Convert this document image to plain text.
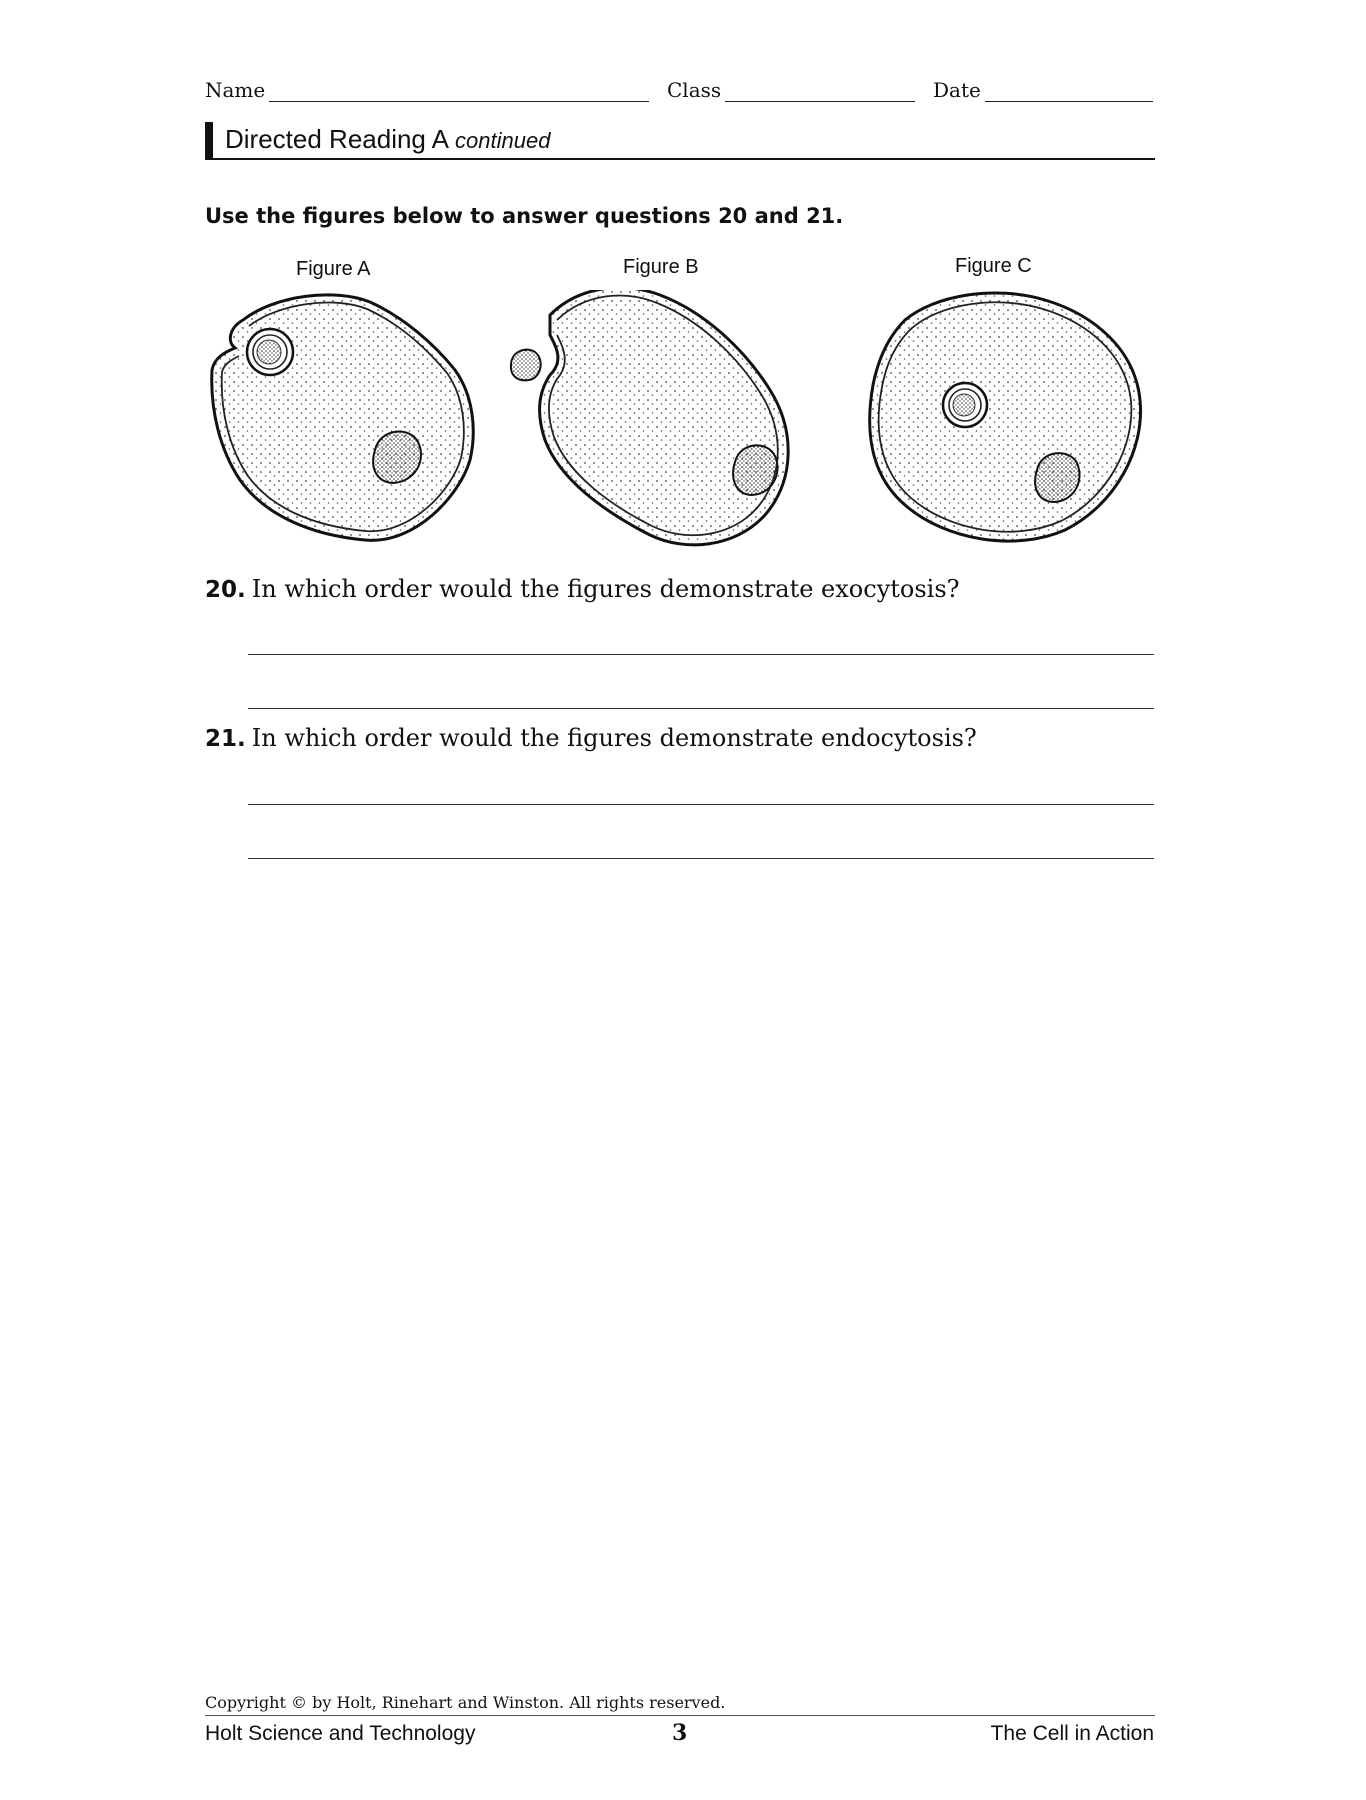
Name	Class	Date
Directed Reading A continued
Use the figures below to answer questions 20 and 21.
Figure A	Figure B	Figure C
20. In which order would the figures demonstrate exocytosis?
21. In which order would the figures demonstrate endocytosis?
Copyright © by Holt, Rinehart and Winston. All rights reserved.
Holt Science and Technology	3	The Cell in Action
